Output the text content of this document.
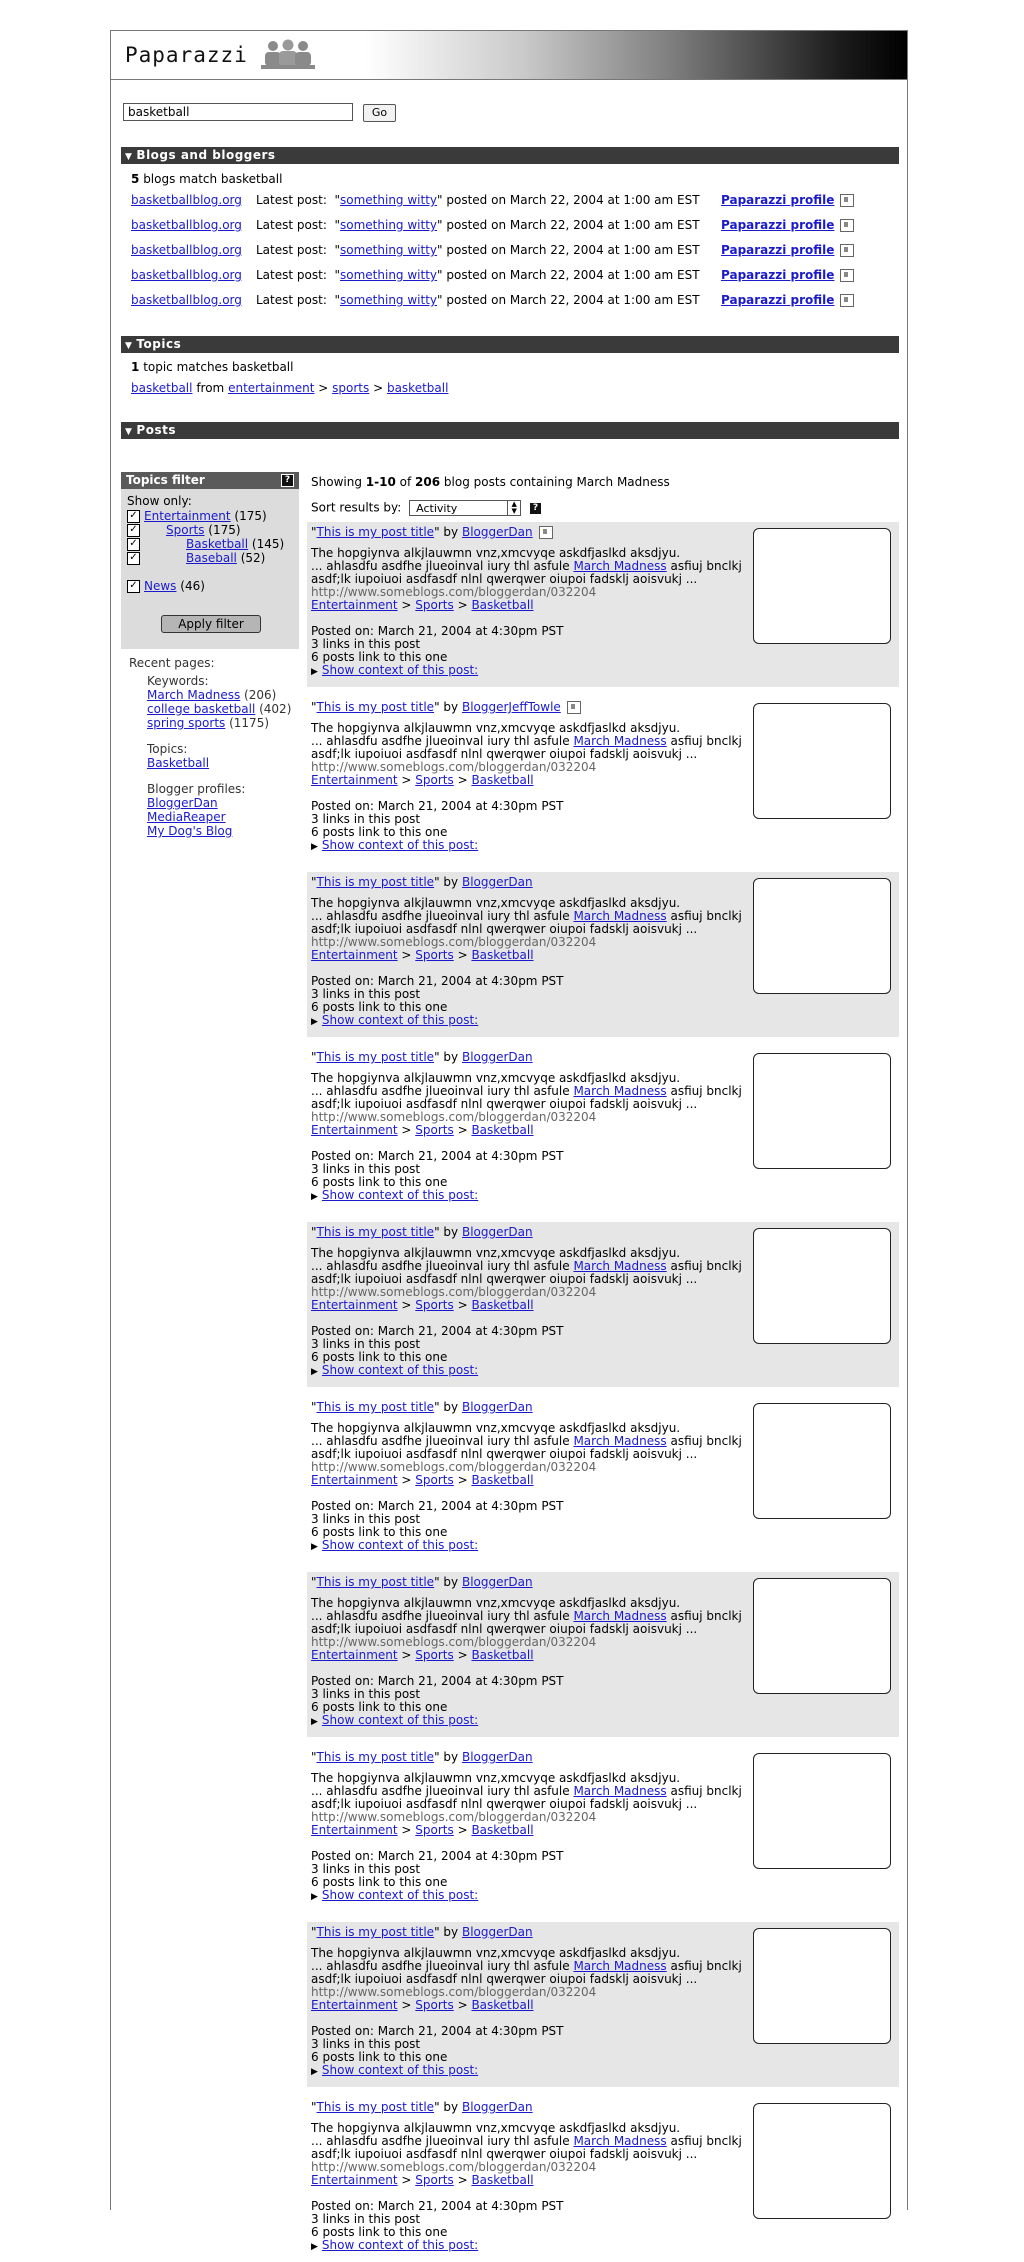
Paparazzi
basketball Go
▼ Blogs and bloggers
5 blogs match basketball
basketballblog.org Latest post:  "something witty" posted on March 22, 2004 at 1:00 am EST Paparazzi profile
basketballblog.org Latest post:  "something witty" posted on March 22, 2004 at 1:00 am EST Paparazzi profile
basketballblog.org Latest post:  "something witty" posted on March 22, 2004 at 1:00 am EST Paparazzi profile
basketballblog.org Latest post:  "something witty" posted on March 22, 2004 at 1:00 am EST Paparazzi profile
basketballblog.org Latest post:  "something witty" posted on March 22, 2004 at 1:00 am EST Paparazzi profile
▼ Topics
1 topic matches basketball
basketball from entertainment > sports > basketball
▼ Posts
Topics filter	?
Show only:
✓ Entertainment (175)
✓ Sports (175)
✓	Basketball (145)
✓	Baseball (52)
✓ News (46)
Apply filter
Recent pages:
Keywords:
March Madness (206)
college basketball (402)
spring sports (1175)
Topics:
Basketball
Blogger profiles:
BloggerDan
MediaReaper
My Dog's Blog
Showing 1-10 of 206 blog posts containing March Madness
Sort results by: Activity	▲
▼	?
"This is my post title" by BloggerDan
The hopgiynva alkjlauwmn vnz,xmcvyqe askdfjaslkd aksdjyu.
... ahlasdfu asdfhe jlueoinval iury thl asfule March Madness asfiuj bnclkj
asdf;lk iupoiuoi asdfasdf nlnl qwerqwer oiupoi fadsklj aoisvukj ...
http://www.someblogs.com/bloggerdan/032204
Entertainment > Sports > Basketball
Posted on: March 21, 2004 at 4:30pm PST
3 links in this post
6 posts link to this one
▶ Show context of this post:
"This is my post title" by BloggerJeffTowle
The hopgiynva alkjlauwmn vnz,xmcvyqe askdfjaslkd aksdjyu.
... ahlasdfu asdfhe jlueoinval iury thl asfule March Madness asfiuj bnclkj
asdf;lk iupoiuoi asdfasdf nlnl qwerqwer oiupoi fadsklj aoisvukj ...
http://www.someblogs.com/bloggerdan/032204
Entertainment > Sports > Basketball
Posted on: March 21, 2004 at 4:30pm PST
3 links in this post
6 posts link to this one
▶ Show context of this post:
"This is my post title" by BloggerDan
The hopgiynva alkjlauwmn vnz,xmcvyqe askdfjaslkd aksdjyu.
... ahlasdfu asdfhe jlueoinval iury thl asfule March Madness asfiuj bnclkj
asdf;lk iupoiuoi asdfasdf nlnl qwerqwer oiupoi fadsklj aoisvukj ...
http://www.someblogs.com/bloggerdan/032204
Entertainment > Sports > Basketball
Posted on: March 21, 2004 at 4:30pm PST
3 links in this post
6 posts link to this one
▶ Show context of this post:
"This is my post title" by BloggerDan
The hopgiynva alkjlauwmn vnz,xmcvyqe askdfjaslkd aksdjyu.
... ahlasdfu asdfhe jlueoinval iury thl asfule March Madness asfiuj bnclkj
asdf;lk iupoiuoi asdfasdf nlnl qwerqwer oiupoi fadsklj aoisvukj ...
http://www.someblogs.com/bloggerdan/032204
Entertainment > Sports > Basketball
Posted on: March 21, 2004 at 4:30pm PST
3 links in this post
6 posts link to this one
▶ Show context of this post:
"This is my post title" by BloggerDan
The hopgiynva alkjlauwmn vnz,xmcvyqe askdfjaslkd aksdjyu.
... ahlasdfu asdfhe jlueoinval iury thl asfule March Madness asfiuj bnclkj
asdf;lk iupoiuoi asdfasdf nlnl qwerqwer oiupoi fadsklj aoisvukj ...
http://www.someblogs.com/bloggerdan/032204
Entertainment > Sports > Basketball
Posted on: March 21, 2004 at 4:30pm PST
3 links in this post
6 posts link to this one
▶ Show context of this post:
"This is my post title" by BloggerDan
The hopgiynva alkjlauwmn vnz,xmcvyqe askdfjaslkd aksdjyu.
... ahlasdfu asdfhe jlueoinval iury thl asfule March Madness asfiuj bnclkj
asdf;lk iupoiuoi asdfasdf nlnl qwerqwer oiupoi fadsklj aoisvukj ...
http://www.someblogs.com/bloggerdan/032204
Entertainment > Sports > Basketball
Posted on: March 21, 2004 at 4:30pm PST
3 links in this post
6 posts link to this one
▶ Show context of this post:
"This is my post title" by BloggerDan
The hopgiynva alkjlauwmn vnz,xmcvyqe askdfjaslkd aksdjyu.
... ahlasdfu asdfhe jlueoinval iury thl asfule March Madness asfiuj bnclkj
asdf;lk iupoiuoi asdfasdf nlnl qwerqwer oiupoi fadsklj aoisvukj ...
http://www.someblogs.com/bloggerdan/032204
Entertainment > Sports > Basketball
Posted on: March 21, 2004 at 4:30pm PST
3 links in this post
6 posts link to this one
▶ Show context of this post:
"This is my post title" by BloggerDan
The hopgiynva alkjlauwmn vnz,xmcvyqe askdfjaslkd aksdjyu.
... ahlasdfu asdfhe jlueoinval iury thl asfule March Madness asfiuj bnclkj
asdf;lk iupoiuoi asdfasdf nlnl qwerqwer oiupoi fadsklj aoisvukj ...
http://www.someblogs.com/bloggerdan/032204
Entertainment > Sports > Basketball
Posted on: March 21, 2004 at 4:30pm PST
3 links in this post
6 posts link to this one
▶ Show context of this post:
"This is my post title" by BloggerDan
The hopgiynva alkjlauwmn vnz,xmcvyqe askdfjaslkd aksdjyu.
... ahlasdfu asdfhe jlueoinval iury thl asfule March Madness asfiuj bnclkj
asdf;lk iupoiuoi asdfasdf nlnl qwerqwer oiupoi fadsklj aoisvukj ...
http://www.someblogs.com/bloggerdan/032204
Entertainment > Sports > Basketball
Posted on: March 21, 2004 at 4:30pm PST
3 links in this post
6 posts link to this one
▶ Show context of this post:
"This is my post title" by BloggerDan
The hopgiynva alkjlauwmn vnz,xmcvyqe askdfjaslkd aksdjyu.
... ahlasdfu asdfhe jlueoinval iury thl asfule March Madness asfiuj bnclkj
asdf;lk iupoiuoi asdfasdf nlnl qwerqwer oiupoi fadsklj aoisvukj ...
http://www.someblogs.com/bloggerdan/032204
Entertainment > Sports > Basketball
Posted on: March 21, 2004 at 4:30pm PST
3 links in this post
6 posts link to this one
▶ Show context of this post:
